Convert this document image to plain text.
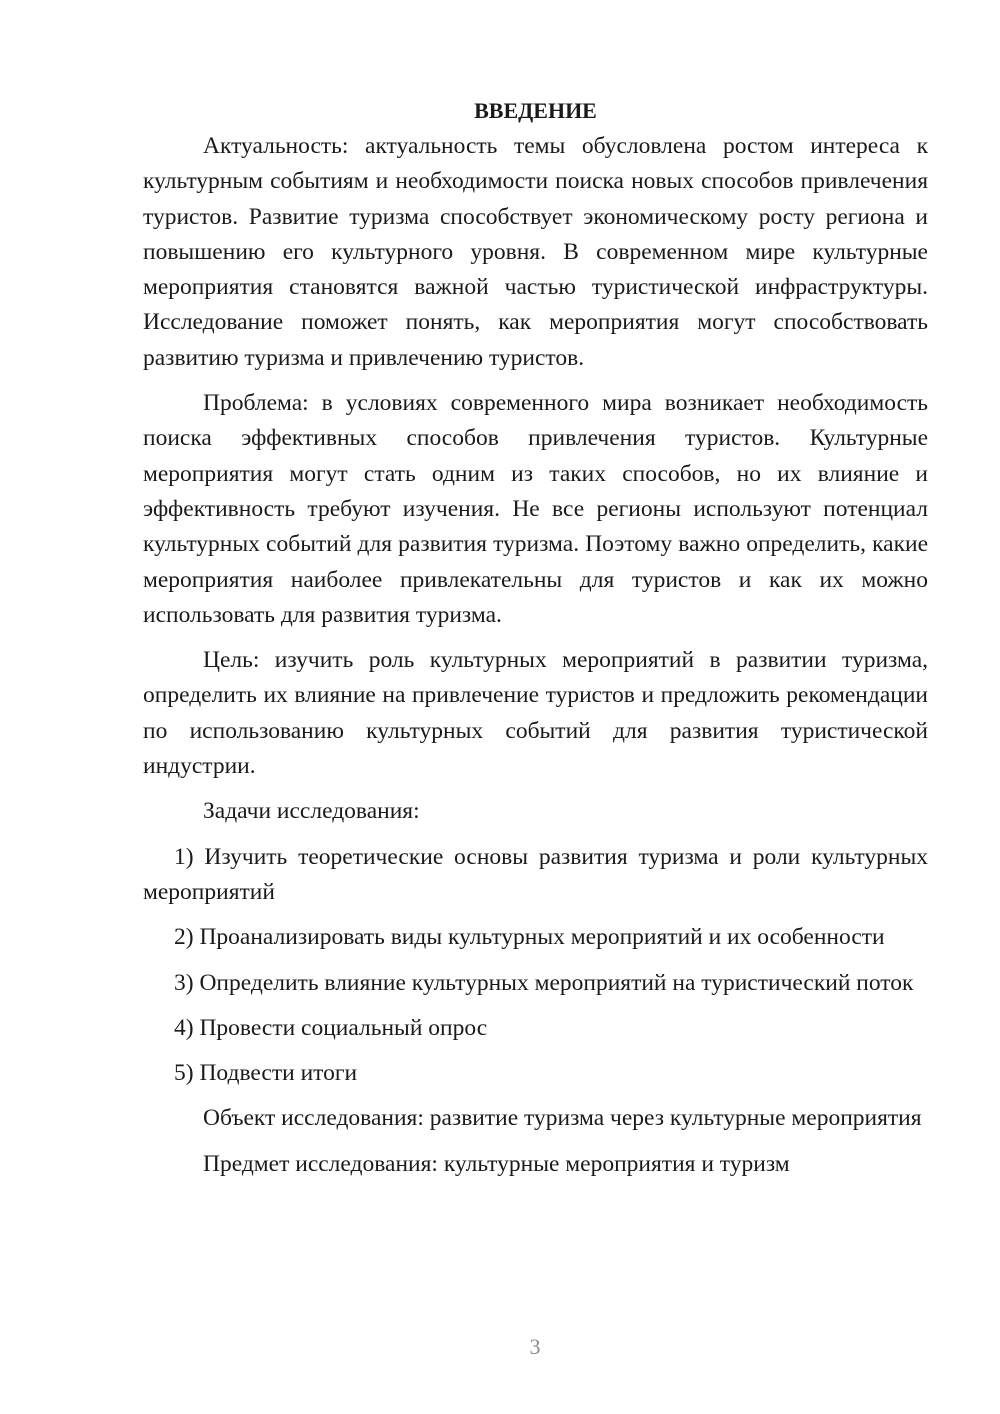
ВВЕДЕНИЕ

Актуальность: актуальность темы обусловлена ростом интереса к культурным событиям и необходимости поиска новых способов привлечения туристов. Развитие туризма способствует экономическому росту региона и повышению его культурного уровня. В современном мире культурные мероприятия становятся важной частью туристической инфраструктуры. Исследование поможет понять, как мероприятия могут способствовать развитию туризма и привлечению туристов.

Проблема: в условиях современного мира возникает необходимость поиска эффективных способов привлечения туристов. Культурные мероприятия могут стать одним из таких способов, но их влияние и эффективность требуют изучения. Не все регионы используют потенциал культурных событий для развития туризма. Поэтому важно определить, какие мероприятия наиболее привлекательны для туристов и как их можно использовать для развития туризма.

Цель: изучить роль культурных мероприятий в развитии туризма, определить их влияние на привлечение туристов и предложить рекомендации по использованию культурных событий для развития туристической индустрии.

Задачи исследования:

1) Изучить теоретические основы развития туризма и роли культурных мероприятий

2) Проанализировать виды культурных мероприятий и их особенности

3) Определить влияние культурных мероприятий на туристический поток

4) Провести социальный опрос

5) Подвести итоги

Объект исследования: развитие туризма через культурные мероприятия

Предмет исследования: культурные мероприятия и туризм

3
